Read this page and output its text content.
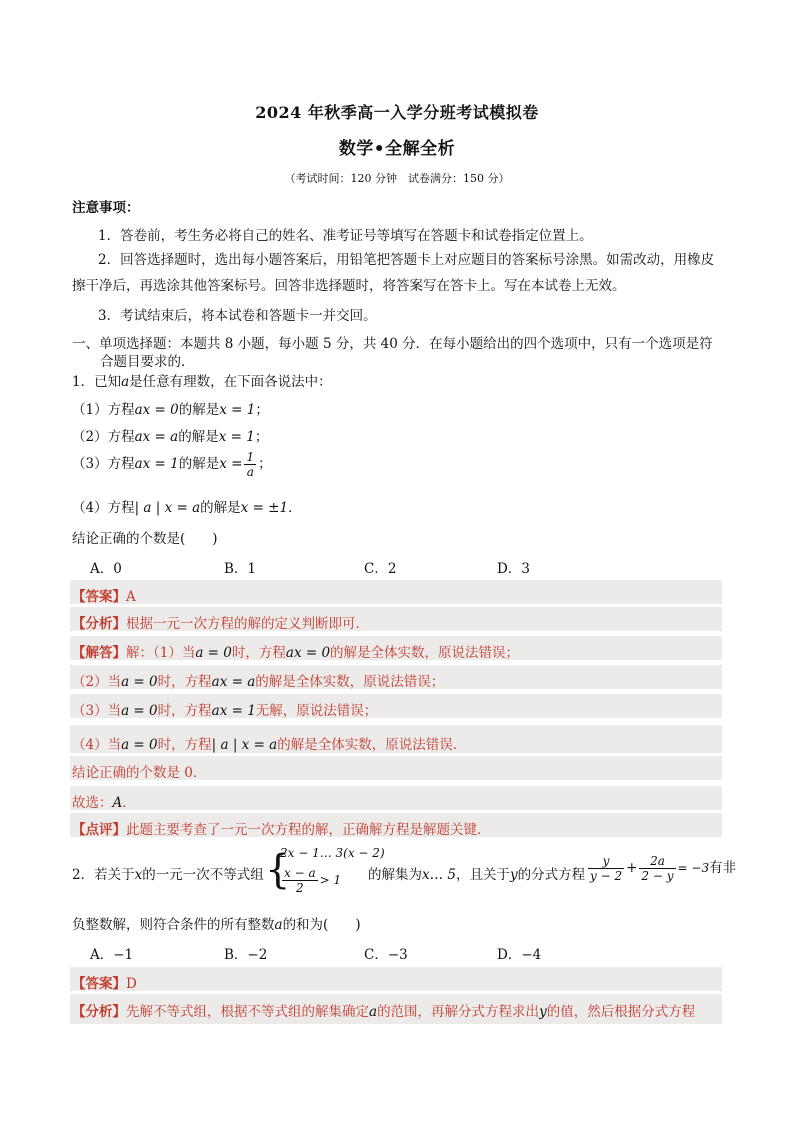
2024 年秋季高一入学分班考试模拟卷
数学•全解全析
（考试时间：120 分钟　试卷满分：150 分）
注意事项：
1．答卷前，考生务必将自己的姓名、准考证号等填写在答题卡和试卷指定位置上。
2．回答选择题时，选出每小题答案后，用铅笔把答题卡上对应题目的答案标号涂黑。如需改动，用橡皮擦干净后，再选涂其他答案标号。回答非选择题时，将答案写在答卡上。写在本试卷上无效。
3．考试结束后，将本试卷和答题卡一并交回。
一、单项选择题：本题共 8 小题，每小题 5 分，共 40 分．在每小题给出的四个选项中，只有一个选项是符
合题目要求的．
1．已知a是任意有理数，在下面各说法中：
（1）方程ax = 0的解是x = 1；
（2）方程ax = a的解是x = 1；
（3）方程ax = 1的解是$x = \frac{1}{a}$ ；
（4）方程| a | x = a的解是x = ±1．
结论正确的个数是(　　)
A．0	B．1	C．2	D．3
【答案】A
【分析】根据一元一次方程的解的定义判断即可．
【解答】解：（1）当a = 0时，方程ax = 0的解是全体实数，原说法错误；
（2）当a = 0时，方程ax = a的解是全体实数，原说法错误；
（3）当a = 0时，方程ax = 1无解，原说法错误；
（4）当a = 0时，方程| a | x = a的解是全体实数，原说法错误．
结论正确的个数是 0．
故选：A．
【点评】此题主要考查了一元一次方程的解，正确解方程是解题关键．
2．若关于x的一元一次不等式组 {
2x − 1… 3(x − 2)
$\frac{x - a}{2} > 1$ 的解集为x… 5，且关于y的分式方程 $\frac{y}{y - 2} + \frac{2a}{2 - y} = -3$有非
负整数解，则符合条件的所有整数a的和为(　　)
A．−1	B．−2	C．−3	D．−4
【答案】D
【分析】先解不等式组，根据不等式组的解集确定a的范围，再解分式方程求出y的值，然后根据分式方程
